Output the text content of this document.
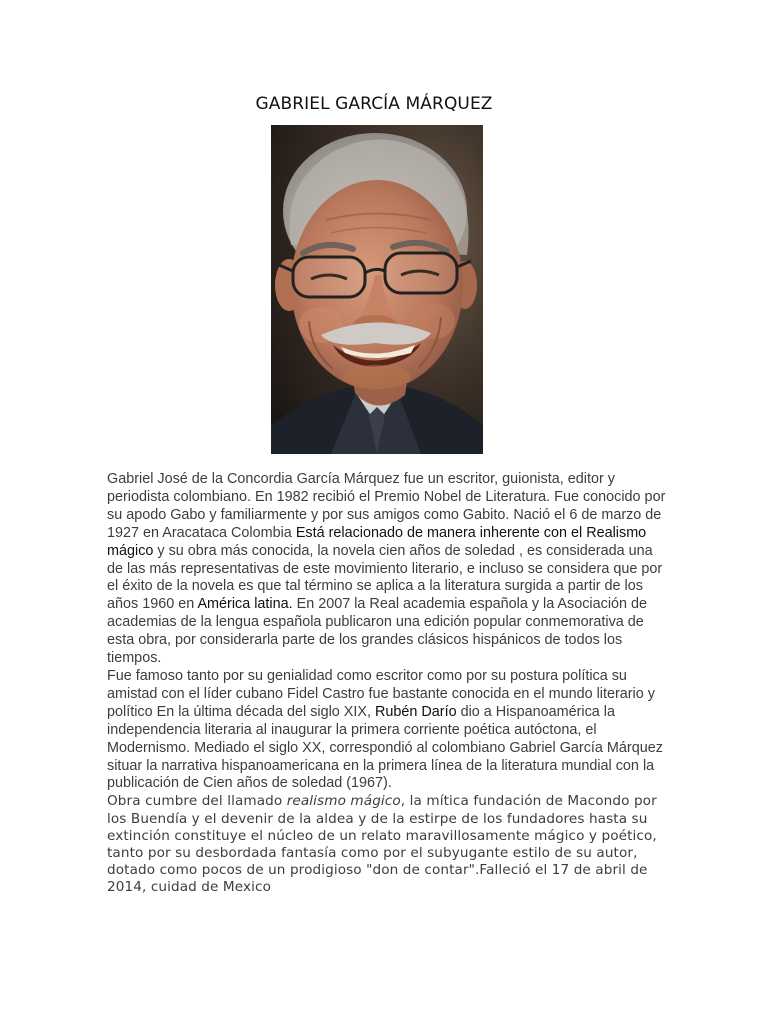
GABRIEL GARCÍA MÁRQUEZ

Gabriel José de la Concordia García Márquez fue un escritor, guionista, editor y periodista colombiano. En 1982 recibió el Premio Nobel de Literatura. Fue conocido por su apodo Gabo y familiarmente y por sus amigos como Gabito. Nació el 6 de marzo de 1927 en Aracataca Colombia Está relacionado de manera inherente con el Realismo mágico y su obra más conocida, la novela cien años de soledad , es considerada una de las más representativas de este movimiento literario, e incluso se considera que por el éxito de la novela es que tal término se aplica a la literatura surgida a partir de los años 1960 en América latina. En 2007 la Real academia española y la Asociación de academias de la lengua española publicaron una edición popular conmemorativa de esta obra, por considerarla parte de los grandes clásicos hispánicos de todos los tiempos.

Fue famoso tanto por su genialidad como escritor como por su postura política su amistad con el líder cubano Fidel Castro fue bastante conocida en el mundo literario y político En la última década del siglo XIX, Rubén Darío dio a Hispanoamérica la independencia literaria al inaugurar la primera corriente poética autóctona, el Modernismo. Mediado el siglo XX, correspondió al colombiano Gabriel García Márquez situar la narrativa hispanoamericana en la primera línea de la literatura mundial con la publicación de Cien años de soledad (1967).

Obra cumbre del llamado realismo mágico, la mítica fundación de Macondo por los Buendía y el devenir de la aldea y de la estirpe de los fundadores hasta su extinción constituye el núcleo de un relato maravillosamente mágico y poético, tanto por su desbordada fantasía como por el subyugante estilo de su autor, dotado como pocos de un prodigioso "don de contar".Falleció el 17 de abril de 2014, cuidad de Mexico
